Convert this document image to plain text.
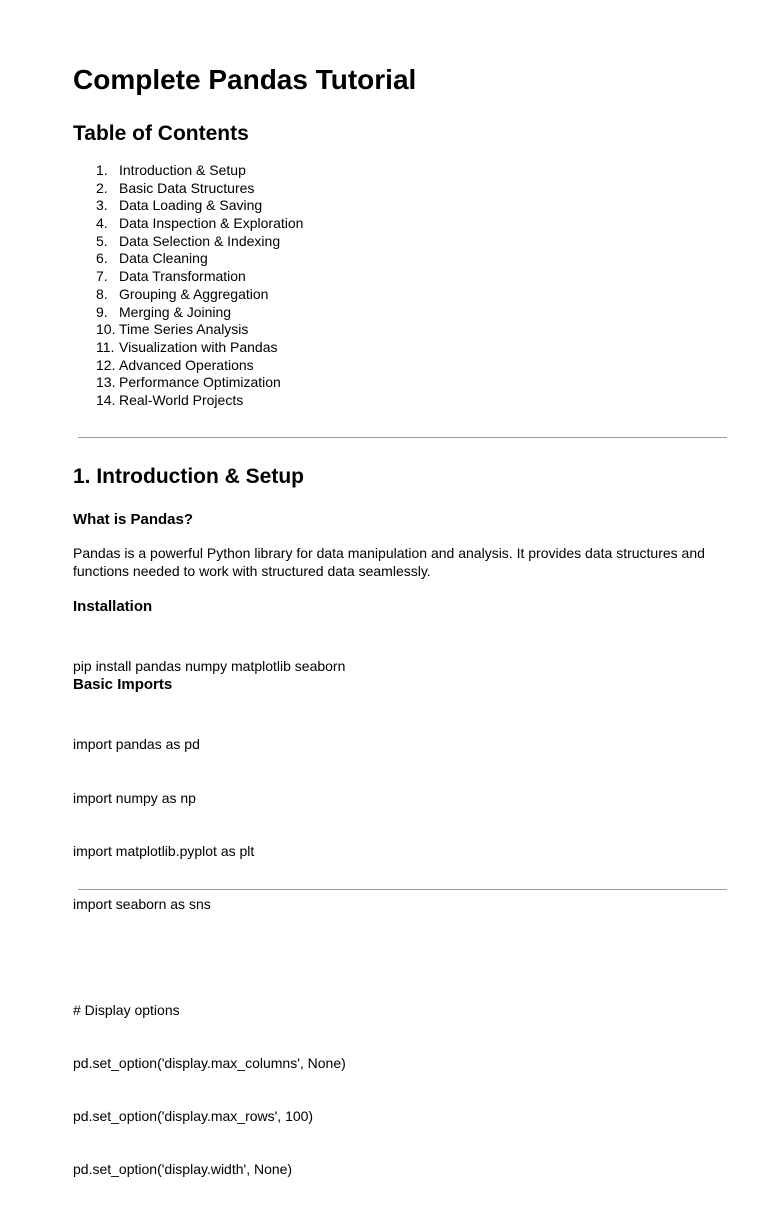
Complete Pandas Tutorial
Table of Contents
1. Introduction & Setup
2. Basic Data Structures
3. Data Loading & Saving
4. Data Inspection & Exploration
5. Data Selection & Indexing
6. Data Cleaning
7. Data Transformation
8. Grouping & Aggregation
9. Merging & Joining
10. Time Series Analysis
11. Visualization with Pandas
12. Advanced Operations
13. Performance Optimization
14. Real-World Projects
1. Introduction & Setup
What is Pandas?

Pandas is a powerful Python library for data manipulation and analysis. It provides data structures and functions needed to work with structured data seamlessly.

Installation

pip install pandas numpy matplotlib seaborn

Basic Imports

import pandas as pd

import numpy as np

import matplotlib.pyplot as plt

import seaborn as sns

# Display options

pd.set_option('display.max_columns', None)

pd.set_option('display.max_rows', 100)

pd.set_option('display.width', None)
